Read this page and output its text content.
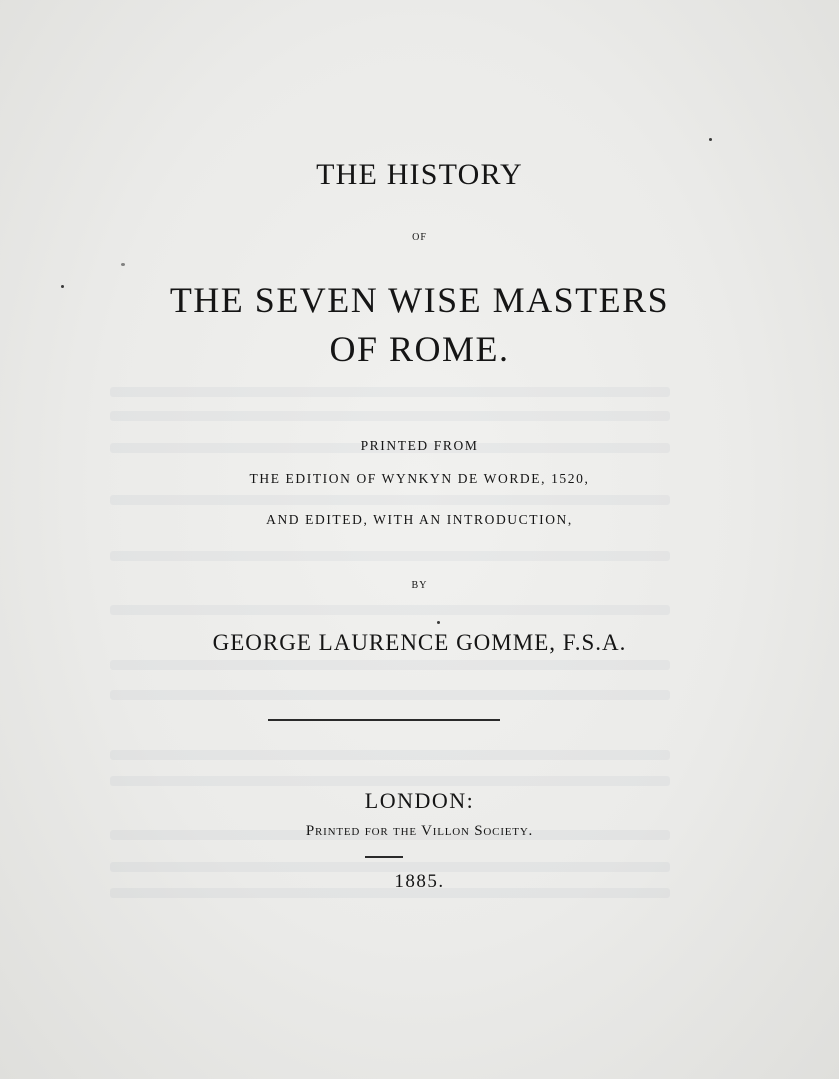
THE HISTORY
OF
THE SEVEN WISE MASTERS
OF ROME.
PRINTED FROM
THE EDITION OF WYNKYN DE WORDE, 1520,
AND EDITED, WITH AN INTRODUCTION,
BY
GEORGE LAURENCE GOMME, F.S.A.
LONDON:
Printed for the Villon Society.
1885.
